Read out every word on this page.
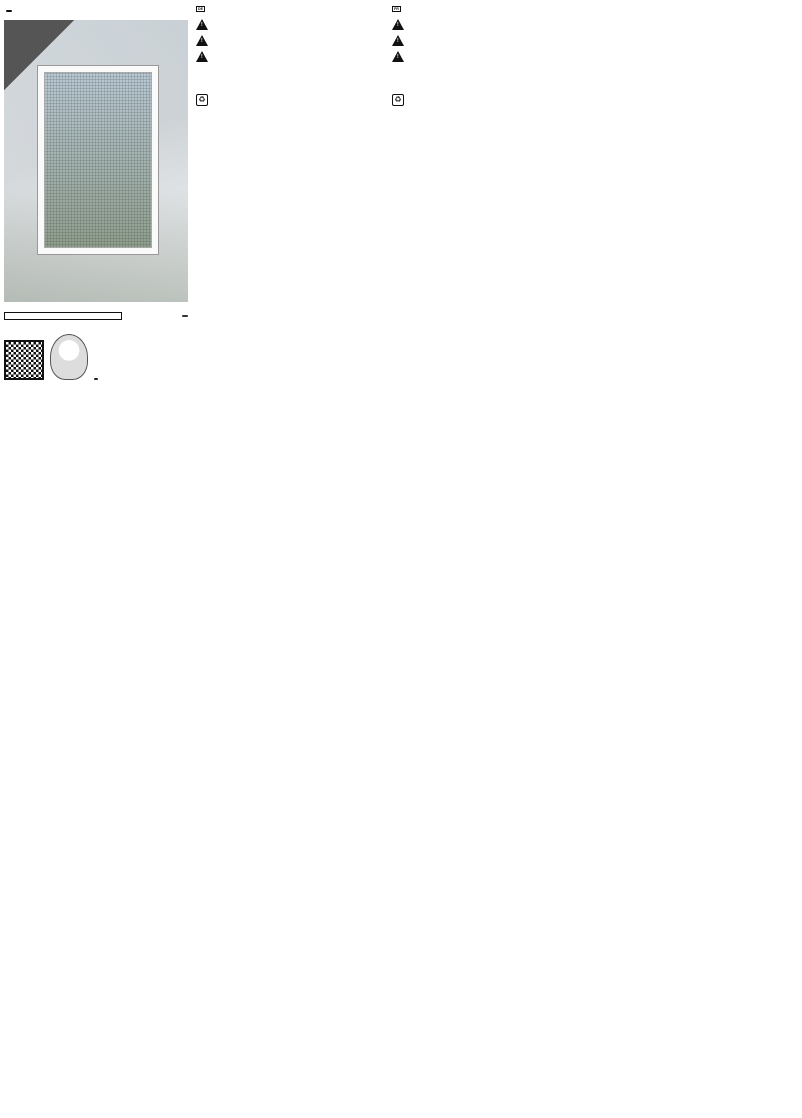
DE

!
!
!

•
•
•
•
♻

FR

!
!
!

•
•
•
•
♻
